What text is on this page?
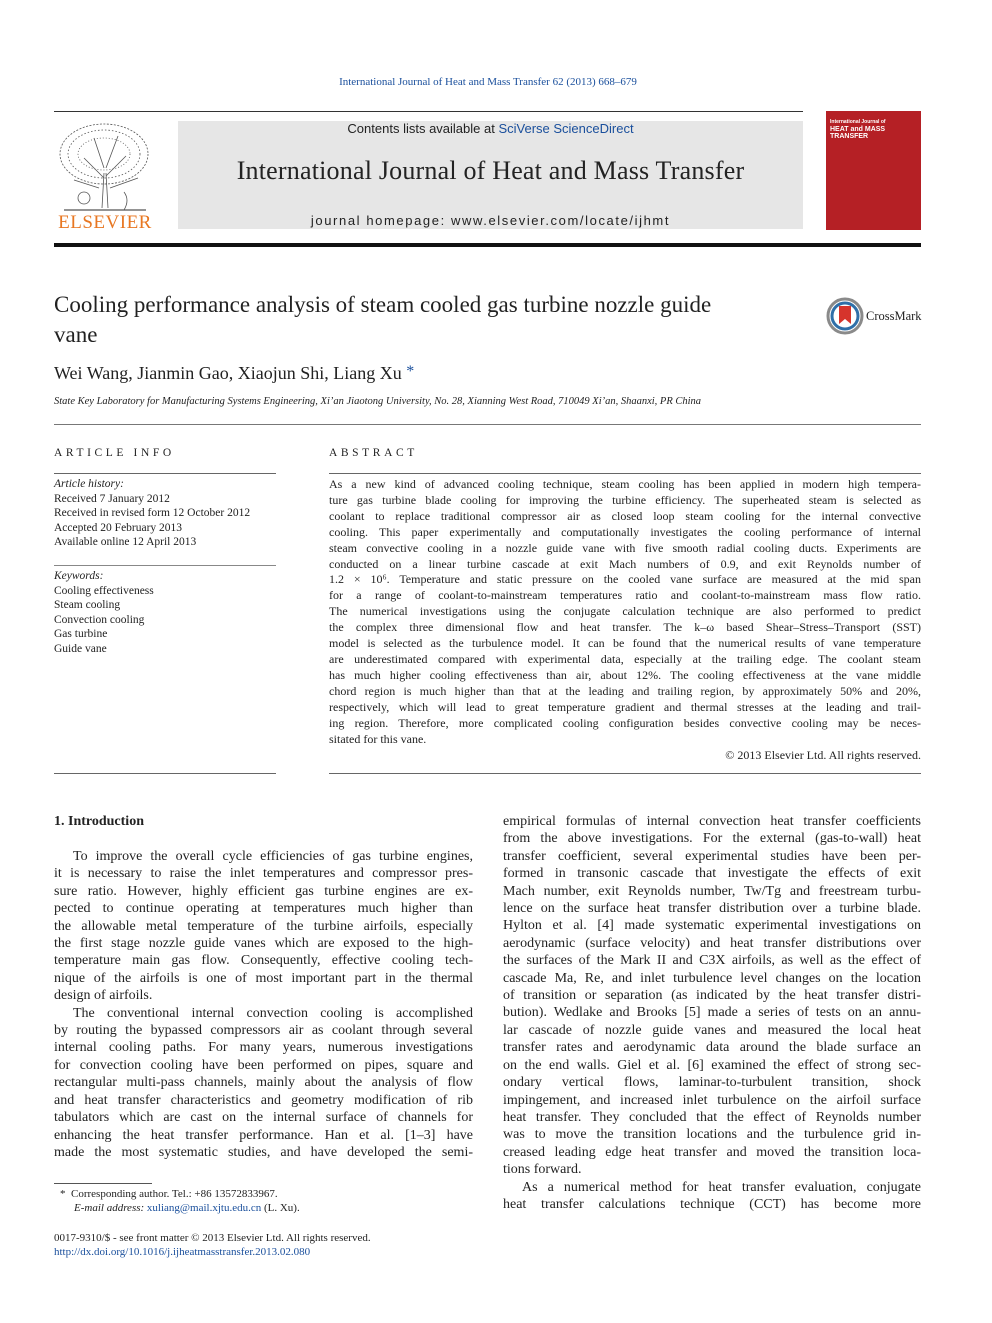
International Journal of Heat and Mass Transfer 62 (2013) 668–679
ELSEVIER
Contents lists available at SciVerse ScienceDirect
International Journal of Heat and Mass Transfer
journal homepage: www.elsevier.com/locate/ijhmt
International Journal of
HEAT and MASS
TRANSFER
Cooling performance analysis of steam cooled gas turbine nozzle guide
vane
CrossMark
Wei Wang, Jianmin Gao, Xiaojun Shi, Liang Xu *
State Key Laboratory for Manufacturing Systems Engineering, Xi’an Jiaotong University, No. 28, Xianning West Road, 710049 Xi’an, Shaanxi, PR China
ARTICLE INFO
Article history:
Received 7 January 2012
Received in revised form 12 October 2012
Accepted 20 February 2013
Available online 12 April 2013
Keywords:
Cooling effectiveness
Steam cooling
Convection cooling
Gas turbine
Guide vane
ABSTRACT
As a new kind of advanced cooling technique, steam cooling has been applied in modern high tempera-
ture gas turbine blade cooling for improving the turbine efficiency. The superheated steam is selected as
coolant to replace traditional compressor air as closed loop steam cooling for the internal convective
cooling. This paper experimentally and computationally investigates the cooling performance of internal
steam convective cooling in a nozzle guide vane with five smooth radial cooling ducts. Experiments are
conducted on a linear turbine cascade at exit Mach numbers of 0.9, and exit Reynolds number of
1.2 × 10⁶. Temperature and static pressure on the cooled vane surface are measured at the mid span
for a range of coolant-to-mainstream temperatures ratio and coolant-to-mainstream mass flow ratio.
The numerical investigations using the conjugate calculation technique are also performed to predict
the complex three dimensional flow and heat transfer. The k–ω based Shear–Stress–Transport (SST)
model is selected as the turbulence model. It can be found that the numerical results of vane temperature
are underestimated compared with experimental data, especially at the trailing edge. The coolant steam
has much higher cooling effectiveness than air, about 12%. The cooling effectiveness at the vane middle
chord region is much higher than that at the leading and trailing region, by approximately 50% and 20%,
respectively, which will lead to great temperature gradient and thermal stresses at the leading and trail-
ing region. Therefore, more complicated cooling configuration besides convective cooling may be neces-
sitated for this vane.
© 2013 Elsevier Ltd. All rights reserved.
1. Introduction
To improve the overall cycle efficiencies of gas turbine engines,
it is necessary to raise the inlet temperatures and compressor pres-
sure ratio. However, highly efficient gas turbine engines are ex-
pected to continue operating at temperatures much higher than
the allowable metal temperature of the turbine airfoils, especially
the first stage nozzle guide vanes which are exposed to the high-
temperature main gas flow. Consequently, effective cooling tech-
nique of the airfoils is one of most important part in the thermal
design of airfoils.
The conventional internal convection cooling is accomplished
by routing the bypassed compressors air as coolant through several
internal cooling paths. For many years, numerous investigations
for convection cooling have been performed on pipes, square and
rectangular multi-pass channels, mainly about the analysis of flow
and heat transfer characteristics and geometry modification of rib
tabulators which are cast on the internal surface of channels for
enhancing the heat transfer performance. Han et al. [1–3] have
made the most systematic studies, and have developed the semi-
empirical formulas of internal convection heat transfer coefficients
from the above investigations. For the external (gas-to-wall) heat
transfer coefficient, several experimental studies have been per-
formed in transonic cascade that investigate the effects of exit
Mach number, exit Reynolds number, Tw/Tg and freestream turbu-
lence on the surface heat transfer distribution over a turbine blade.
Hylton et al. [4] made systematic experimental investigations on
aerodynamic (surface velocity) and heat transfer distributions over
the surfaces of the Mark II and C3X airfoils, as well as the effect of
cascade Ma, Re, and inlet turbulence level changes on the location
of transition or separation (as indicated by the heat transfer distri-
bution). Wedlake and Brooks [5] made a series of tests on an annu-
lar cascade of nozzle guide vanes and measured the local heat
transfer rates and aerodynamic data around the blade surface an
on the end walls. Giel et al. [6] examined the effect of strong sec-
ondary vertical flows, laminar-to-turbulent transition, shock
impingement, and increased inlet turbulence on the airfoil surface
heat transfer. They concluded that the effect of Reynolds number
was to move the transition locations and the turbulence grid in-
creased leading edge heat transfer and moved the transition loca-
tions forward.
As a numerical method for heat transfer evaluation, conjugate
heat transfer calculations technique (CCT) has become more
* Corresponding author. Tel.: +86 13572833967.
E-mail address: xuliang@mail.xjtu.edu.cn (L. Xu).
0017-9310/$ - see front matter © 2013 Elsevier Ltd. All rights reserved.
http://dx.doi.org/10.1016/j.ijheatmasstransfer.2013.02.080
